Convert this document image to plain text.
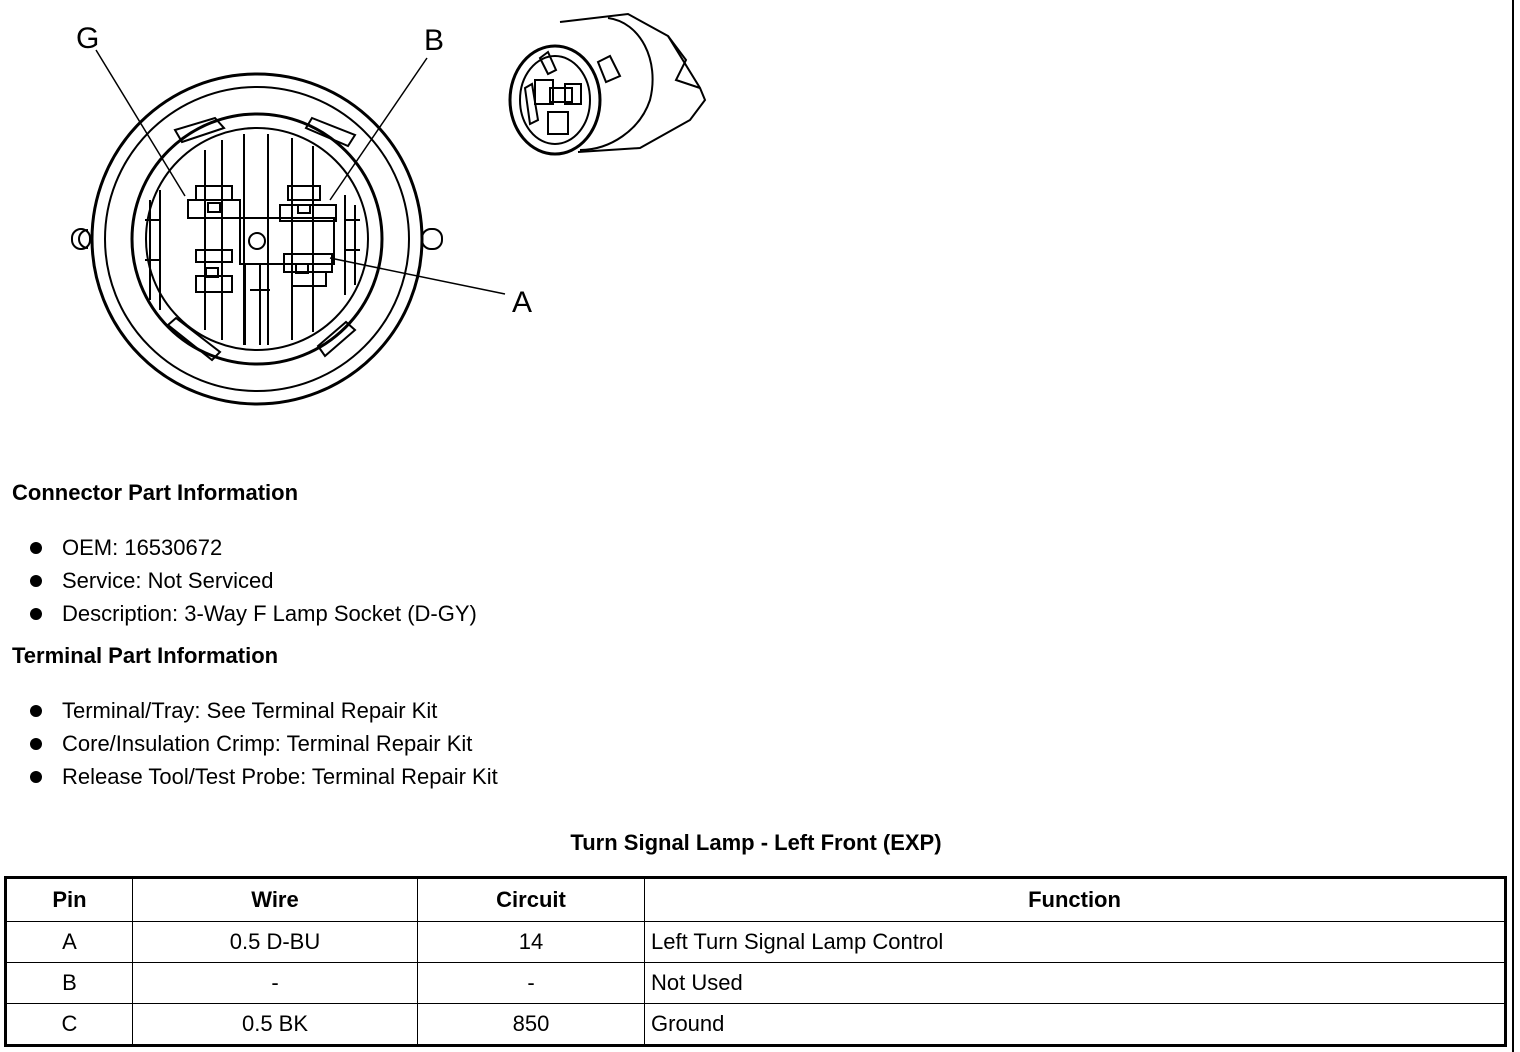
G	B
A
Connector Part Information
OEM: 16530672
Service: Not Serviced
Description: 3-Way F Lamp Socket (D-GY)
Terminal Part Information
Terminal/Tray: See Terminal Repair Kit
Core/Insulation Crimp: Terminal Repair Kit
Release Tool/Test Probe: Terminal Repair Kit
Turn Signal Lamp - Left Front (EXP)
Pin	Wire	Circuit	Function
A	0.5 D-BU	14	Left Turn Signal Lamp Control
B	-	-	Not Used
C	0.5 BK	850	Ground
